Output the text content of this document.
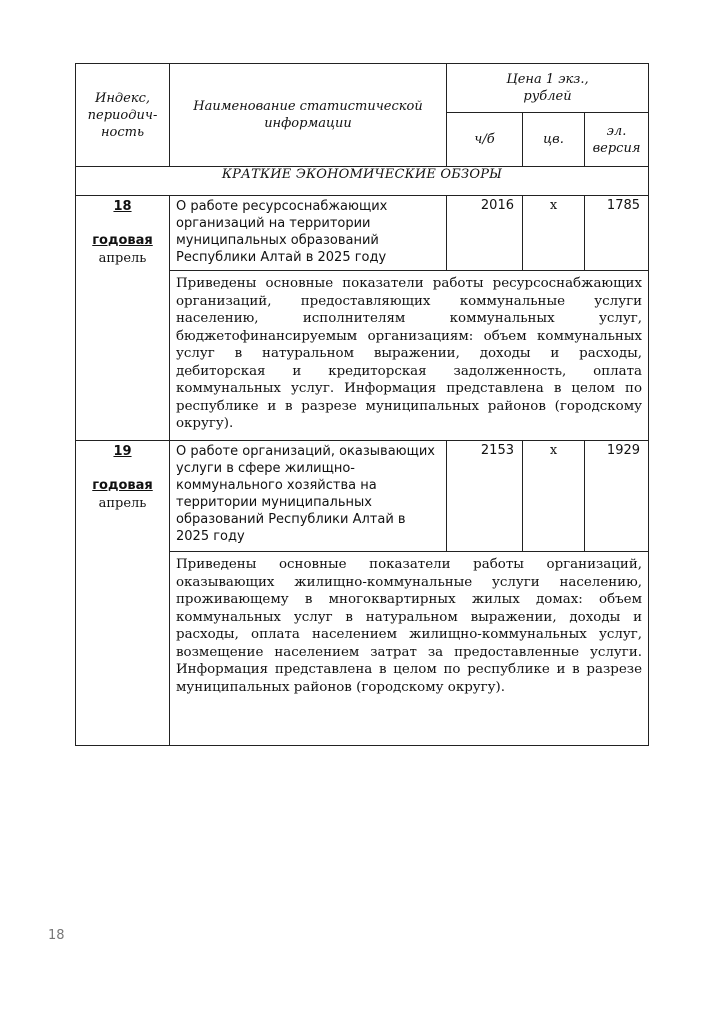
Индекс, периодич- ность	Наименование статистической информации	Цена 1 экз., рублей		

		ч/б	цв.	эл. версия

КРАТКИЕ ЭКОНОМИЧЕСКИЕ ОБЗОРЫ				

18
годовая
апрель	О работе ресурсоснабжающих организаций на территории муниципальных образований Республики Алтай в 2025 году	2016	х	1785
	Приведены основные показатели работы ресурсоснабжающих организаций, предоставляющих коммунальные услуги населению, исполнителям коммунальных услуг, бюджетофинансируемым организациям: объем коммунальных услуг в натуральном выражении, доходы и расходы, дебиторская и кредиторская задолженность, оплата коммунальных услуг. Информация представлена в целом по республике и в разрезе муниципальных районов (городскому округу).			

19
годовая
апрель	О работе организаций, оказывающих услуги в сфере жилищно-коммунального хозяйства на территории муниципальных образований Республики Алтай в 2025 году	2153	х	1929
	Приведены основные показатели работы организаций, оказывающих жилищно-коммунальные услуги населению, проживающему в многоквартирных жилых домах: объем коммунальных услуг в натуральном выражении, доходы и расходы, оплата населением жилищно-коммунальных услуг, возмещение населением затрат за предоставленные услуги. Информация представлена в целом по республике и в разрезе муниципальных районов (городскому округу).			
18
